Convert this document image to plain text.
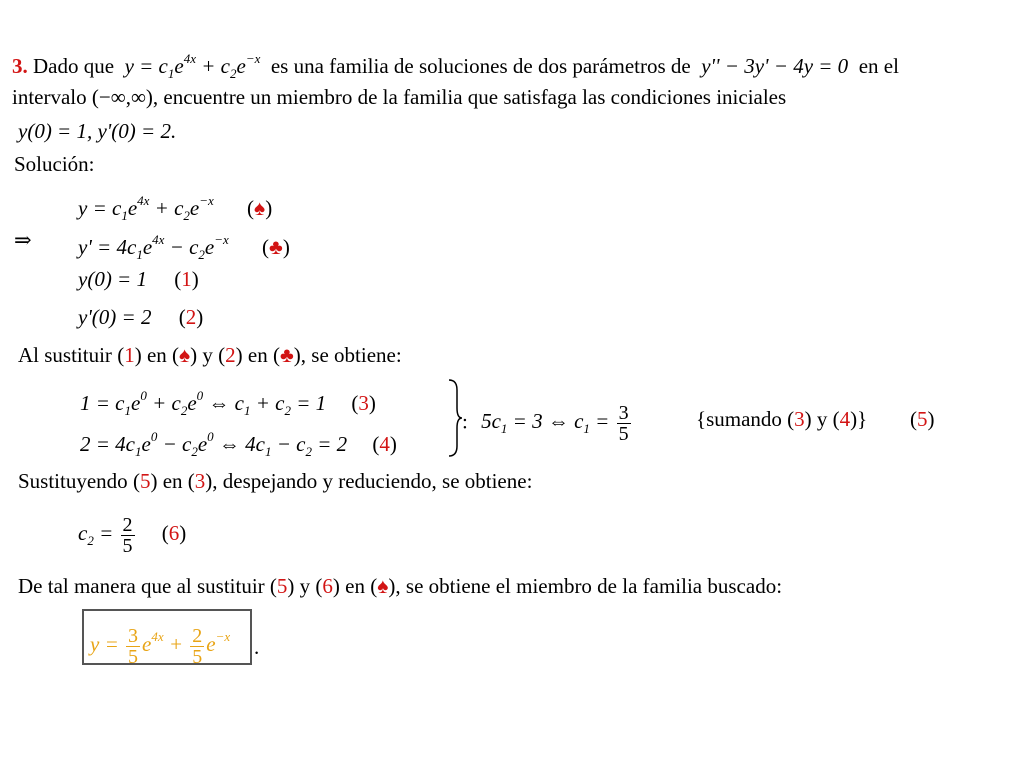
3. Dado que  $y = c_1e^{4x} + c_2e^{-x}$ es una familia de soluciones de dos parámetros de  y'' − 3y' − 4y = 0  en el
intervalo (−∞,∞), encuentre un miembro de la familia que satisfaga las condiciones iniciales
y(0) = 1, y'(0) = 2.
Solución:
$y = c_1e^{4x} + c_2e^{-x}$ (♠)
⇒ $y' = 4c_1e^{4x} - c_2e^{-x}$ (♣)
y(0) = 1 (1)
y'(0) = 2 (2)
Al sustituir (1) en (♠) y (2) en (♣), se obtiene:
$1 = c_1e^0 + c_2e^0$ ⇔ $c_1 + c_2 = 1$ (3)
$2 = 4c_1e^0 - c_2e^0$ ⇔ $4c_1 - c_2 = 2$ (4)
: $5c_1 = 3$ ⇔ $c_1 = \frac{3}{5}$	{sumando (3) y (4)} (5)
Sustituyendo (5) en (3), despejando y reduciendo, se obtiene:
$c_2 = \frac{2}{5} (6)$
De tal manera que al sustituir (5) y (6) en (♠), se obtiene el miembro de la familia buscado:
$y = \frac{3}{5} e^{4x} + \frac{2}{5} e^{-x}$	.
